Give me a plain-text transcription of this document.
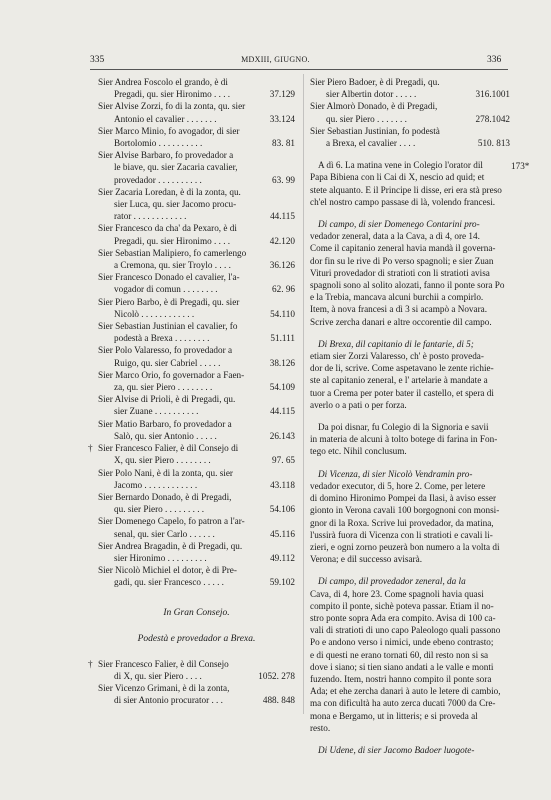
335	MDXIII, GIUGNO.	336
Sier Andrea Foscolo el grando, è di
Pregadi, qu. sier Hironimo . . . .	37.129
Sier Alvise Zorzi, fo di la zonta, qu. sier
Antonio el cavalier . . . . . . .	33.124
Sier Marco Minio, fo avogador, di sier
Bortolomio . . . . . . . . . .	83. 81
Sier Alvise Barbaro, fo provedador a
le biave, qu. sier Zacaria cavalier,
provedador . . . . . . . . . .	63. 99
Sier Zacaria Loredan, è di la zonta, qu.
sier Luca, qu. sier Jacomo procu-
rator . . . . . . . . . . . .	44.115
Sier Francesco da cha' da Pexaro, è di
Pregadi, qu. sier Hironimo . . . .	42.120
Sier Sebastian Malipiero, fo camerlengo
a Cremona, qu. sier Troylo . . . .	36.126
Sier Francesco Donado el cavalier, l'a-
vogador di comun . . . . . . . .	62. 96
Sier Piero Barbo, è di Pregadi, qu. sier
Nicolò . . . . . . . . . . . .	54.110
Sier Sebastian Justinian el cavalier, fo
podestà a Brexa . . . . . . . .	51.111
Sier Polo Valaresso, fo provedador a
Ruigo, qu. sier Cabriel . . . . .	38.126
Sier Marco Orio, fo governador a Faen-
za, qu. sier Piero . . . . . . . .	54.109
Sier Alvise di Prioli, è di Pregadi, qu.
sier Zuane . . . . . . . . . .	44.115
Sier Matio Barbaro, fo provedador a
Salò, qu. sier Antonio . . . . .	26.143
† Sier Francesco Falier, è dil Consejo di
X, qu. sier Piero . . . . . . . .	97. 65
Sier Polo Nani, è di la zonta, qu. sier
Jacomo . . . . . . . . . . . .	43.118
Sier Bernardo Donado, è di Pregadi,
qu. sier Piero . . . . . . . . .	54.106
Sier Domenego Capelo, fo patron a l'ar-
senal, qu. sier Carlo . . . . . .	45.116
Sier Andrea Bragadin, è di Pregadi, qu.
sier Hironimo . . . . . . . . .	49.112
Sier Nicolò Michiel el dotor, è di Pre-
gadi, qu. sier Francesco . . . . .	59.102
In Gran Consejo.
Podestà e provedador a Brexa.
† Sier Francesco Falier, è dil Consejo
di X, qu. sier Piero . . . .	1052. 278
Sier Vicenzo Grimani, è di la zonta,
di sier Antonio procurator . . .	488. 848
Sier Piero Badoer, è di Pregadi, qu.
sier Albertin dotor . . . . .	316.1001
Sier Almorò Donado, è di Pregadi,
qu. sier Piero . . . . . . .	278.1042
Sier Sebastian Justinian, fo podestà
a Brexa, el cavalier . . . .	510. 813
A dì 6. La matina vene in Colegio l'orator dil
Papa Bibiena con li Cai di X, nescio ad quid; et
stete alquanto. E il Principe li disse, eri era stà preso
ch'el nostro campo passase di là, volendo francesi.
Di campo, di sier Domenego Contarini pro-
vedador zeneral, data a la Cava, a dì 4, ore 14.
Come il capitanio zeneral havia mandà il governa-
dor fin su le rive di Po verso spagnoli; e sier Zuan
Vituri provedador di stratioti con li stratioti avisa
spagnoli sono al solito alozati, fanno il ponte sora Po
e la Trebia, mancava alcuni burchii a compirlo.
Item, à nova francesi a dì 3 si acampò a Novara.
Scrive zercha danari e altre occorentie dil campo.
Di Brexa, dil capitanio di le fantarie, di 5;
etiam sier Zorzi Valaresso, ch' è posto proveda-
dor de li, scrive. Come aspetavano le zente richie-
ste al capitanio zeneral, e l' artelarie à mandate a
tuor a Crema per poter bater il castello, et spera di
averlo o a pati o per forza.
Da poi disnar, fu Colegio di la Signoria e savii
in materia de alcuni à tolto botege di farina in Fon-
tego etc. Nihil conclusum.
Di Vicenza, di sier Nicolò Vendramin pro-
vedador executor, di 5, hore 2. Come, per letere
di domino Hironimo Pompei da Ilasi, à aviso esser
gionto in Verona cavali 100 borgognoni con monsi-
gnor di la Roxa. Scrive lui provedador, da matina,
l'ussirà fuora di Vicenza con li stratioti e cavali li-
zieri, e ogni zorno peuzerà bon numero a la volta di
Verona; e dil successo avisarà.
Di campo, dil provedador zeneral, da la
Cava, di 4, hore 23. Come spagnoli havia quasi
compito il ponte, sichè poteva passar. Etiam il no-
stro ponte sopra Ada era compito. Avisa di 100 ca-
vali di stratioti di uno capo Paleologo quali passono
Po e andono verso i nimici, unde ebeno contrasto;
e di questi ne erano tornati 60, dil resto non si sa
dove i siano; si tien siano andati a le valle e monti
fuzendo. Item, nostri hanno compito il ponte sora
Ada; et ehe zercha danari à auto le letere di cambio,
ma con dificultà ha auto zerca ducati 7000 da Cre-
mona e Bergamo, ut in litteris; e si proveda al
resto.
Di Udene, di sier Jacomo Badoer luogote-
173*
